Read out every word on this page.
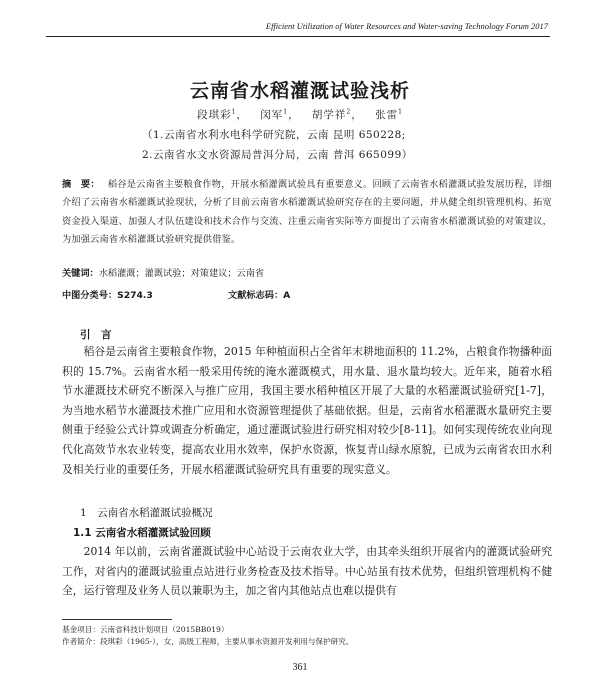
Efficient Utilization of Water Resources and Water-saving Technology Forum 2017
云南省水稻灌溉试验浅析
段琪彩$^1$， 闵军$^1$， 胡学祥$^2$， 张雷$^1$
（1.云南省水利水电科学研究院，云南 昆明 650228;
2.云南省水文水资源局普洱分局，云南 普洱 665099）

摘　要： 稻谷是云南省主要粮食作物，开展水稻灌溉试验具有重要意义。回顾了云南省水稻灌溉试验发展历程，详细介绍了云南省水稻灌溉试验现状，分析了目前云南省水稻灌溉试验研究存在的主要问题，并从健全组织管理机构、拓宽资金投入渠道、加强人才队伍建设和技术合作与交流、注重云南省实际等方面提出了云南省水稻灌溉试验的对策建议，为加强云南省水稻灌溉试验研究提供借鉴。

关键词：水稻灌溉；灌溉试验；对策建议；云南省
中图分类号：S274.3	文献标志码：A
引　言

稻谷是云南省主要粮食作物，2015 年种植面积占全省年末耕地面积的 11.2%，占粮食作物播种面积的 15.7%。云南省水稻一般采用传统的淹水灌溉模式，用水量、退水量均较大。近年来，随着水稻节水灌溉技术研究不断深入与推广应用，我国主要水稻种植区开展了大量的水稻灌溉试验研究[1-7]，为当地水稻节水灌溉技术推广应用和水资源管理提供了基础依据。但是，云南省水稻灌溉水量研究主要侧重于经验公式计算或调查分析确定，通过灌溉试验进行研究相对较少[8-11]。如何实现传统农业向现代化高效节水农业转变，提高农业用水效率，保护水资源，恢复青山绿水原貌，已成为云南省农田水利及相关行业的重要任务，开展水稻灌溉试验研究具有重要的现实意义。

1　云南省水稻灌溉试验概况
1.1 云南省水稻灌溉试验回顾

2014 年以前，云南省灌溉试验中心站设于云南农业大学，由其牵头组织开展省内的灌溉试验研究工作，对省内的灌溉试验重点站进行业务检查及技术指导。中心站虽有技术优势，但组织管理机构不健全，运行管理及业务人员以兼职为主，加之省内其他站点也难以提供有

基金项目：云南省科技计划项目（2015BB019）
作者简介：段琪彩（1965-），女，高级工程师，主要从事水资源开发利用与保护研究。
361
